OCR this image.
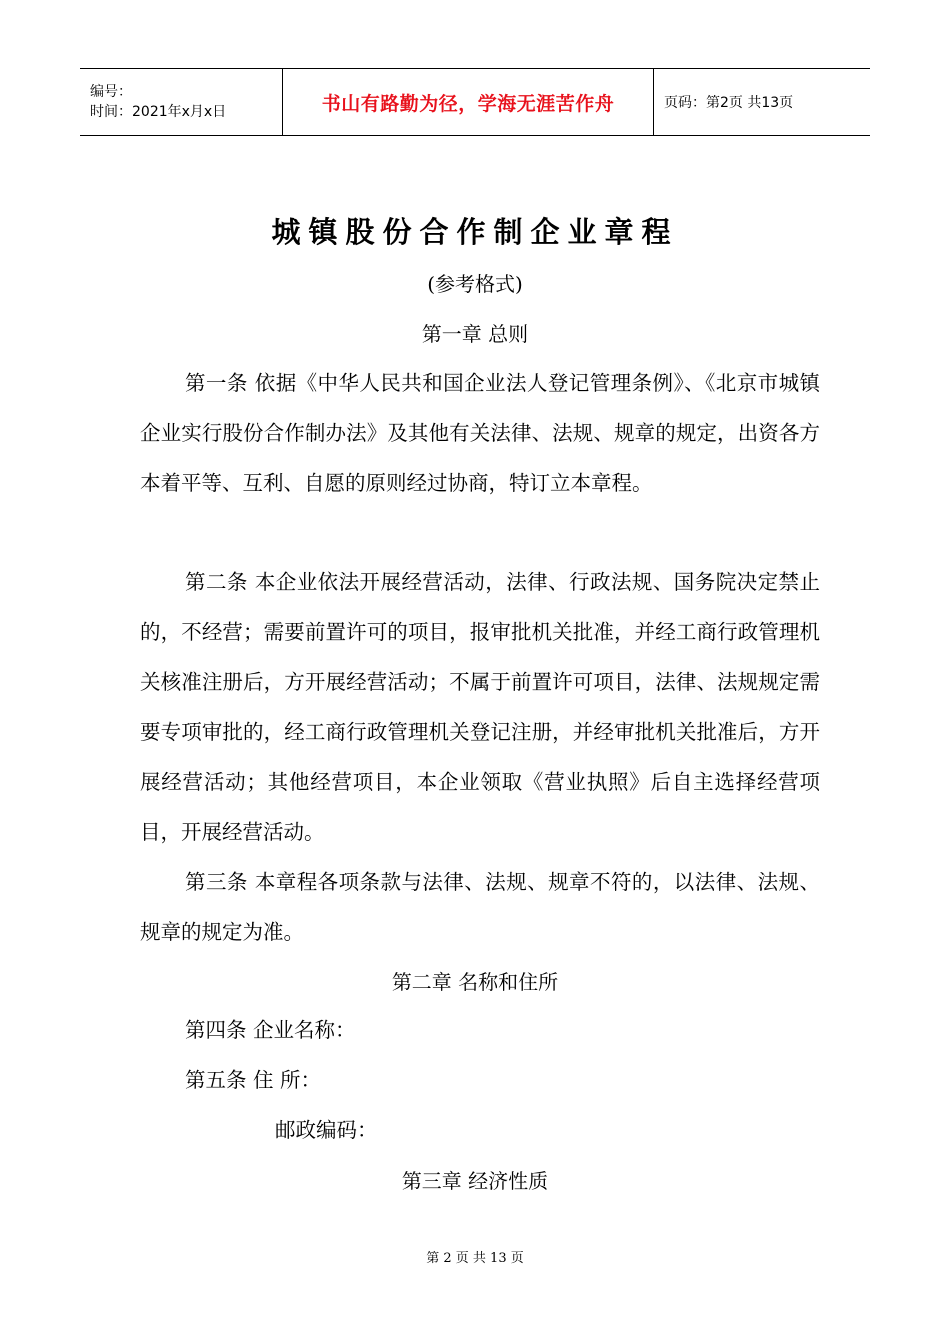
编号：
时间：2021年x月x日	书山有路勤为径，学海无涯苦作舟	页码：第2页 共13页
城镇股份合作制企业章程
(参考格式)
第一章 总则
第一条 依据《中华人民共和国企业法人登记管理条例》、《北京市城镇企业实行股份合作制办法》及其他有关法律、法规、规章的规定，出资各方本着平等、互利、自愿的原则经过协商，特订立本章程。
第二条 本企业依法开展经营活动，法律、行政法规、国务院决定禁止的，不经营；需要前置许可的项目，报审批机关批准，并经工商行政管理机关核准注册后，方开展经营活动；不属于前置许可项目，法律、法规规定需要专项审批的，经工商行政管理机关登记注册，并经审批机关批准后，方开展经营活动；其他经营项目，本企业领取《营业执照》后自主选择经营项目，开展经营活动。
第三条 本章程各项条款与法律、法规、规章不符的，以法律、法规、规章的规定为准。
第二章 名称和住所
第四条 企业名称：
第五条 住 所：
邮政编码：
第三章 经济性质
第 2 页 共 13 页
